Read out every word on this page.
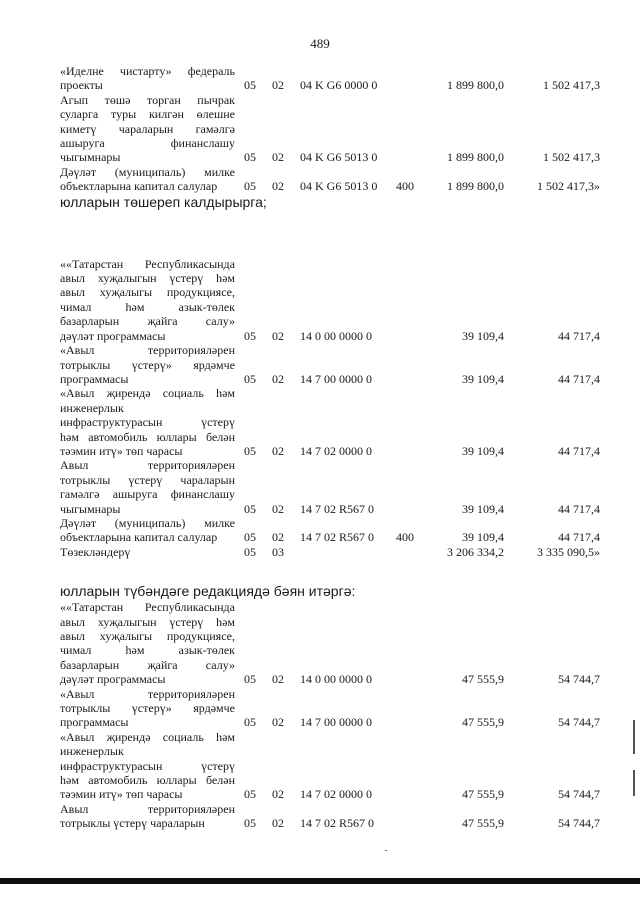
489
«Иделне чистарту» федераль
проекты	05 02 04 K G6 0000 0	1 899 800,0	1 502 417,3
Агып төшә торган пычрак
суларга туры килгән өлешне
киметү чараларын гамәлгә
ашыруга финанслашу
чыгымнары	05 02 04 K G6 5013 0	1 899 800,0	1 502 417,3
Дәүләт (муниципаль) милке
объектларына капитал салулар	05 02 04 K G6 5013 0 400	1 899 800,0	1 502 417,3»
юлларын төшереп калдырырга;
««Татарстан Республикасында
авыл хуҗалыгын үстерү һәм
авыл хуҗалыгы продукциясе,
чимал һәм азык-төлек
базарларын җайга салу»
дәүләт программасы	05 02 14 0 00 0000 0	39 109,4	44 717,4
«Авыл территорияләрен
тотрыклы үстерү» ярдәмче
программасы	05 02 14 7 00 0000 0	39 109,4	44 717,4
«Авыл җирендә социаль һәм
инженерлык
инфраструктурасын үстерү
һәм автомобиль юллары белән
тәэмин итү» төп чарасы	05 02 14 7 02 0000 0	39 109,4	44 717,4
Авыл территорияләрен
тотрыклы үстерү чараларын
гамәлгә ашыруга финанслашу
чыгымнары	05 02 14 7 02 R567 0	39 109,4	44 717,4
Дәүләт (муниципаль) милке
объектларына капитал салулар	05 02 14 7 02 R567 0 400	39 109,4	44 717,4
Төзекләндерү	05 03	3 206 334,2	3 335 090,5»
юлларын түбәндәге редакциядә бәян итәргә:
««Татарстан Республикасында
авыл хуҗалыгын үстерү һәм
авыл хуҗалыгы продукциясе,
чимал һәм азык-төлек
базарларын җайга салу»
дәүләт программасы	05 02 14 0 00 0000 0	47 555,9	54 744,7
«Авыл территорияләрен
тотрыклы үстерү» ярдәмче
программасы	05 02 14 7 00 0000 0	47 555,9	54 744,7
«Авыл җирендә социаль һәм
инженерлык
инфраструктурасын үстерү
һәм автомобиль юллары белән
тәэмин итү» төп чарасы	05 02 14 7 02 0000 0	47 555,9	54 744,7
Авыл территорияләрен
тотрыклы үстерү чараларын	05 02 14 7 02 R567 0	47 555,9	54 744,7
